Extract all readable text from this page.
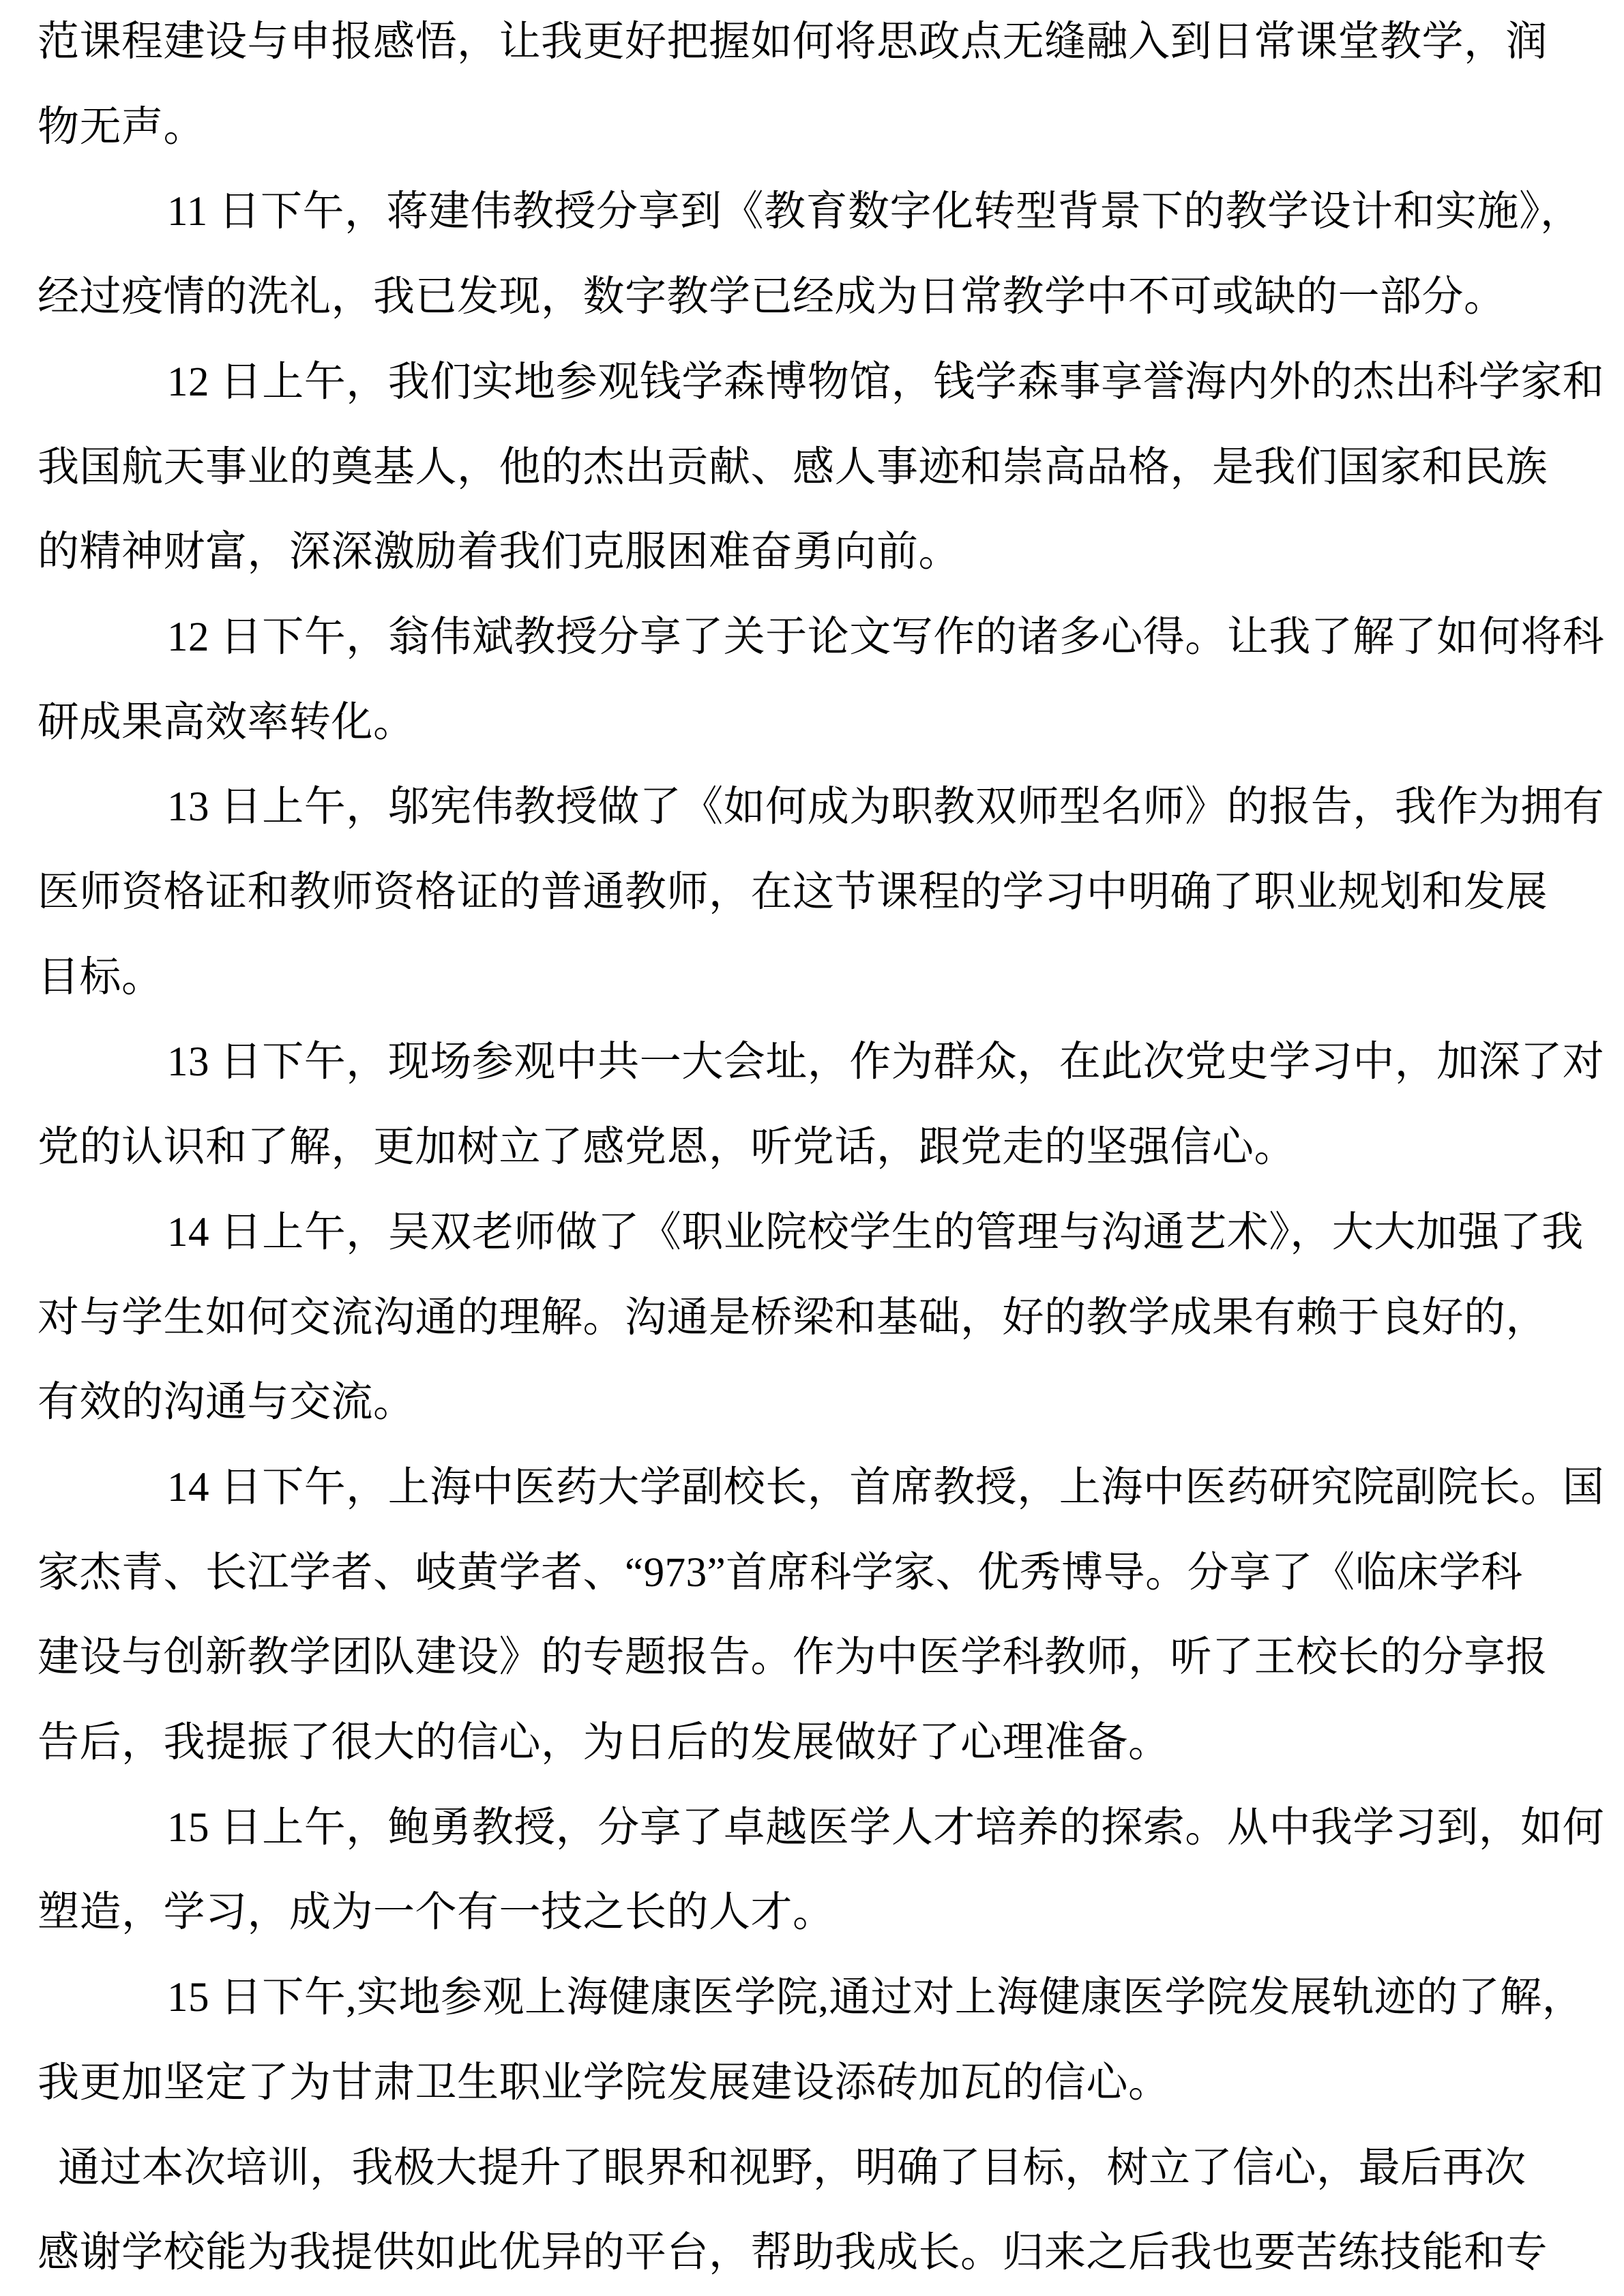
范课程建设与申报感悟，让我更好把握如何将思政点无缝融入到日常课堂教学，润
物无声。
11 日下午，蒋建伟教授分享到《教育数字化转型背景下的教学设计和实施》，
经过疫情的洗礼，我已发现，数字教学已经成为日常教学中不可或缺的一部分。
12 日上午，我们实地参观钱学森博物馆，钱学森事享誉海内外的杰出科学家和
我国航天事业的奠基人，他的杰出贡献、感人事迹和崇高品格，是我们国家和民族
的精神财富，深深激励着我们克服困难奋勇向前。
12 日下午，翁伟斌教授分享了关于论文写作的诸多心得。让我了解了如何将科
研成果高效率转化。
13 日上午，邬宪伟教授做了《如何成为职教双师型名师》的报告，我作为拥有
医师资格证和教师资格证的普通教师，在这节课程的学习中明确了职业规划和发展
目标。
13 日下午，现场参观中共一大会址，作为群众，在此次党史学习中，加深了对
党的认识和了解，更加树立了感党恩，听党话，跟党走的坚强信心。
14 日上午，吴双老师做了《职业院校学生的管理与沟通艺术》，大大加强了我
对与学生如何交流沟通的理解。沟通是桥梁和基础，好的教学成果有赖于良好的，
有效的沟通与交流。
14 日下午，上海中医药大学副校长，首席教授，上海中医药研究院副院长。国
家杰青、长江学者、岐黄学者、“973”首席科学家、优秀博导。分享了《临床学科
建设与创新教学团队建设》的专题报告。作为中医学科教师，听了王校长的分享报
告后，我提振了很大的信心，为日后的发展做好了心理准备。
15 日上午，鲍勇教授，分享了卓越医学人才培养的探索。从中我学习到，如何
塑造，学习，成为一个有一技之长的人才。
15 日下午,实地参观上海健康医学院,通过对上海健康医学院发展轨迹的了解，
我更加坚定了为甘肃卫生职业学院发展建设添砖加瓦的信心。
通过本次培训，我极大提升了眼界和视野，明确了目标，树立了信心，最后再次
感谢学校能为我提供如此优异的平台，帮助我成长。归来之后我也要苦练技能和专
